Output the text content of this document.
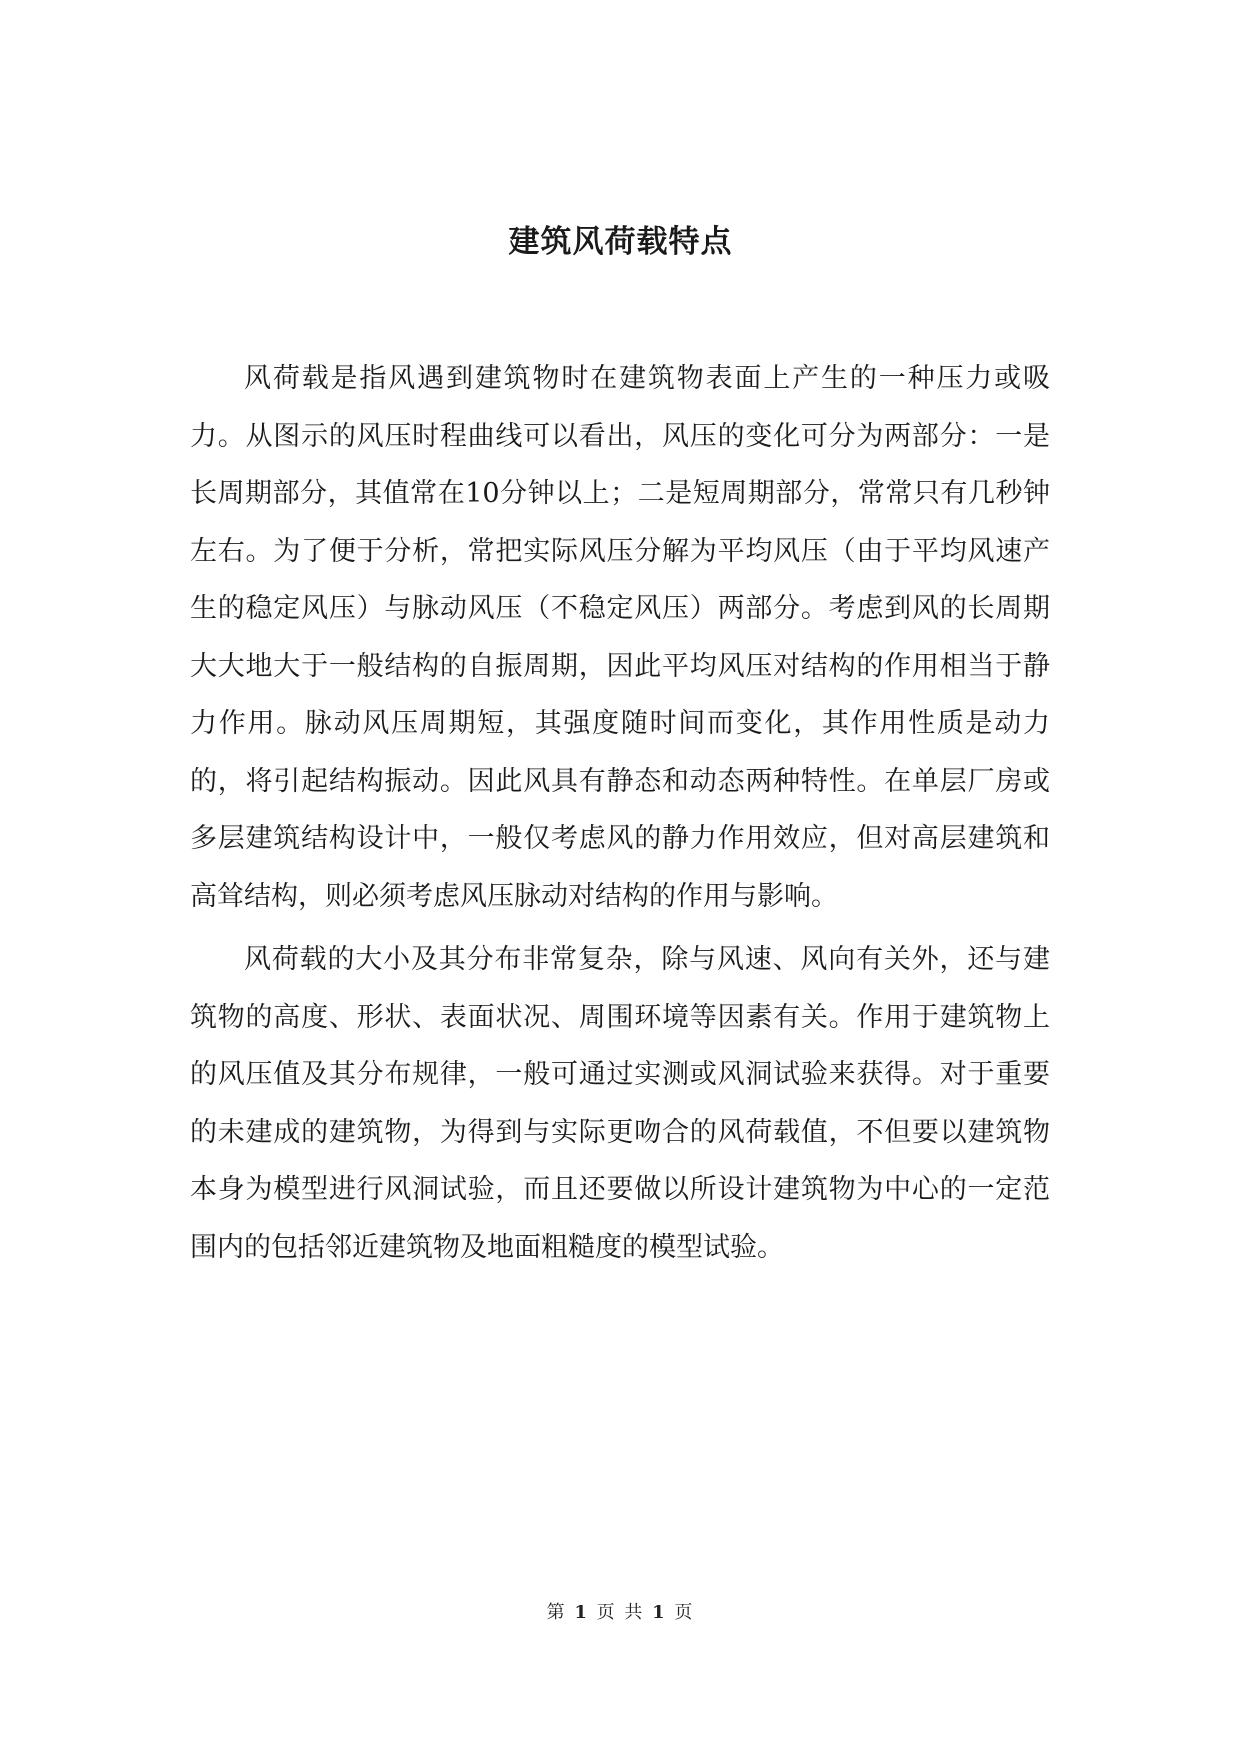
建筑风荷载特点

风荷载是指风遇到建筑物时在建筑物表面上产生的一种压力或吸力。从图示的风压时程曲线可以看出，风压的变化可分为两部分：一是长周期部分，其值常在10分钟以上；二是短周期部分，常常只有几秒钟左右。为了便于分析，常把实际风压分解为平均风压（由于平均风速产生的稳定风压）与脉动风压（不稳定风压）两部分。考虑到风的长周期大大地大于一般结构的自振周期，因此平均风压对结构的作用相当于静力作用。脉动风压周期短，其强度随时间而变化，其作用性质是动力的，将引起结构振动。因此风具有静态和动态两种特性。在单层厂房或多层建筑结构设计中，一般仅考虑风的静力作用效应，但对高层建筑和高耸结构，则必须考虑风压脉动对结构的作用与影响。

风荷载的大小及其分布非常复杂，除与风速、风向有关外，还与建筑物的高度、形状、表面状况、周围环境等因素有关。作用于建筑物上的风压值及其分布规律，一般可通过实测或风洞试验来获得。对于重要的未建成的建筑物，为得到与实际更吻合的风荷载值，不但要以建筑物本身为模型进行风洞试验，而且还要做以所设计建筑物为中心的一定范围内的包括邻近建筑物及地面粗糙度的模型试验。

第 1 页 共 1 页
